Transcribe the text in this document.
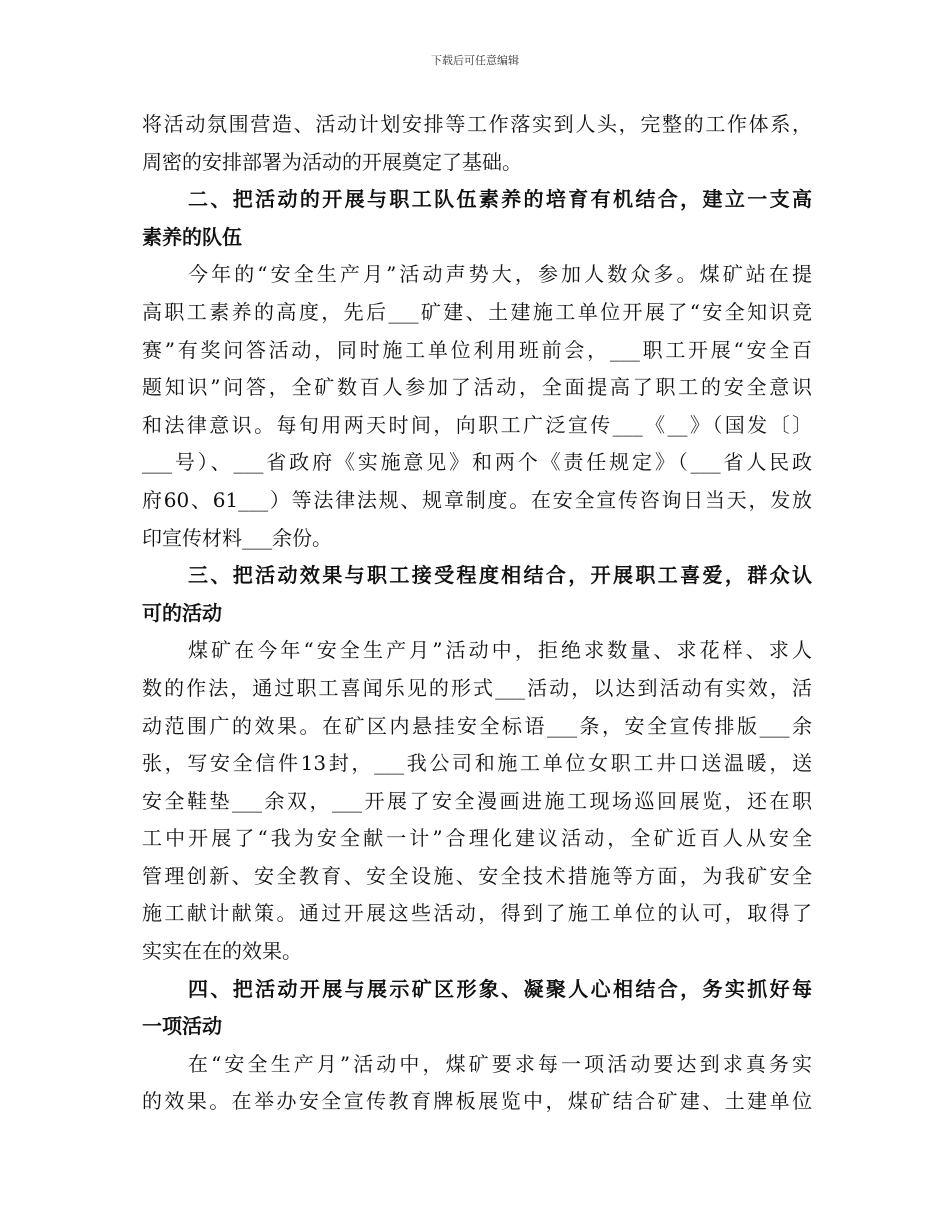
下载后可任意编辑
将活动氛围营造、活动计划安排等工作落实到人头，完整的工作体系，
周密的安排部署为活动的开展奠定了基础。
二、把活动的开展与职工队伍素养的培育有机结合，建立一支高
素养的队伍
今年的“安全生产月”活动声势大，参加人数众多。煤矿站在提
高职工素养的高度，先后___矿建、土建施工单位开展了“安全知识竞
赛”有奖问答活动，同时施工单位利用班前会，___职工开展“安全百
题知识”问答，全矿数百人参加了活动，全面提高了职工的安全意识
和法律意识。每旬用两天时间，向职工广泛宣传___《__》（国发〔〕
___号）、___省政府《实施意见》和两个《责任规定》（___省人民政
府60、61___）等法律法规、规章制度。在安全宣传咨询日当天，发放
印宣传材料___余份。
三、把活动效果与职工接受程度相结合，开展职工喜爱，群众认
可的活动
煤矿在今年“安全生产月”活动中，拒绝求数量、求花样、求人
数的作法，通过职工喜闻乐见的形式___活动，以达到活动有实效，活
动范围广的效果。在矿区内悬挂安全标语___条，安全宣传排版___余
张，写安全信件13封，___我公司和施工单位女职工井口送温暖，送
安全鞋垫___余双，___开展了安全漫画进施工现场巡回展览，还在职
工中开展了“我为安全献一计”合理化建议活动，全矿近百人从安全
管理创新、安全教育、安全设施、安全技术措施等方面，为我矿安全
施工献计献策。通过开展这些活动，得到了施工单位的认可，取得了
实实在在的效果。
四、把活动开展与展示矿区形象、凝聚人心相结合，务实抓好每
一项活动
在“安全生产月”活动中，煤矿要求每一项活动要达到求真务实
的效果。在举办安全宣传教育牌板展览中，煤矿结合矿建、土建单位
